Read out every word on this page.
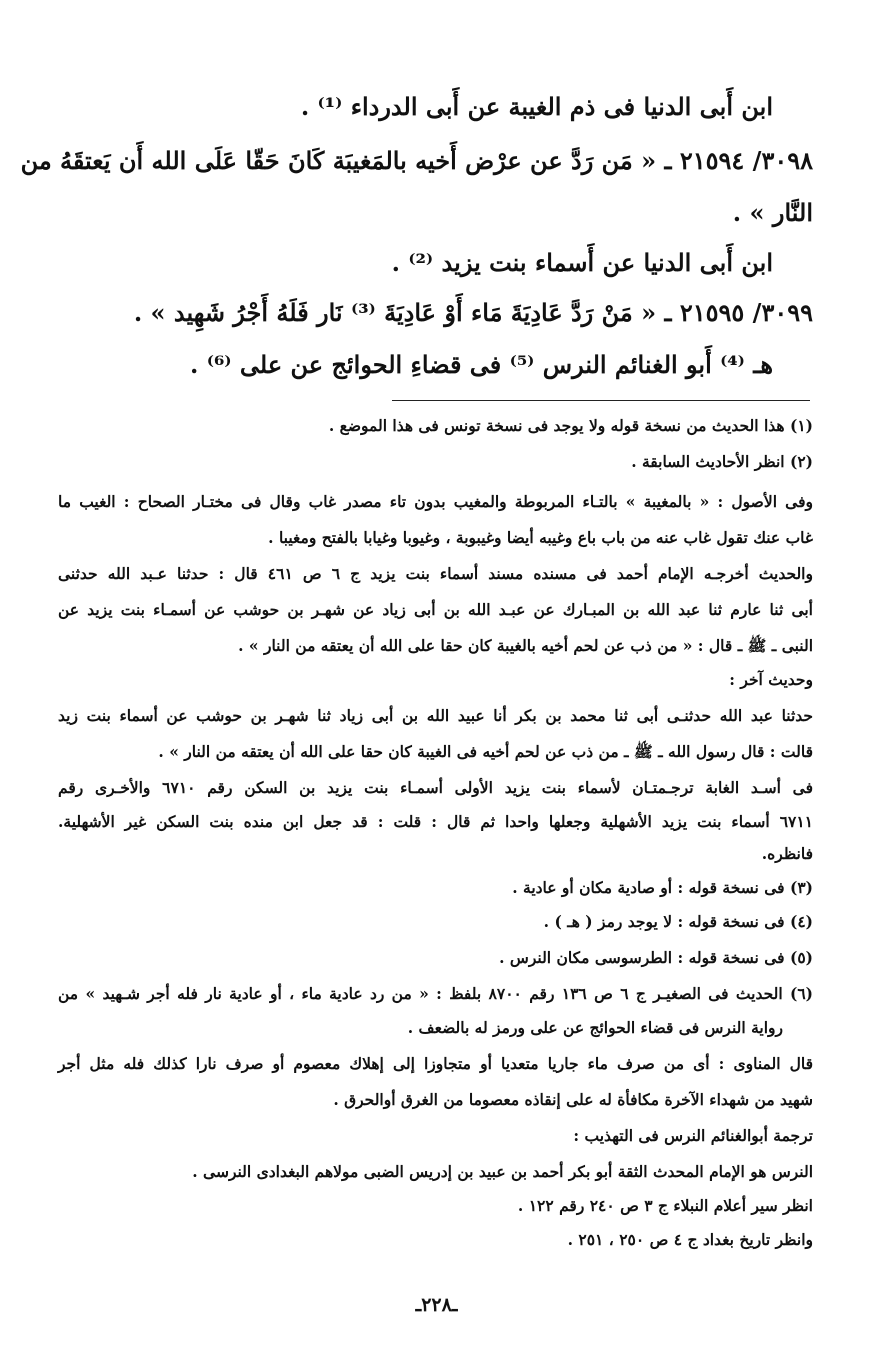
ابن أَبى الدنيا فى ذم الغيبة عن أَبى الدرداء ⁽¹⁾ .
٣٠٩٨/ ٢١٥٩٤ ـ « مَن رَدَّ عن عرْض أَخيه بالمَغيبَة كَانَ حَقّا عَلَى الله أَن يَعتقَهُ من
النَّار » .
ابن أَبى الدنيا عن أَسماء بنت يزيد ⁽²⁾ .
٣٠٩٩/ ٢١٥٩٥ ـ « مَنْ رَدَّ عَادِيَةَ مَاء أَوْ عَادِيَةَ ⁽³⁾ نَار فَلَهُ أَجْرُ شَهِيد » .
هـ ⁽⁴⁾ أَبو الغنائم النرس ⁽⁵⁾ فى قضاءِ الحوائج عن على ⁽⁶⁾ .
(١) هذا الحديث من نسخة قوله ولا يوجد فى نسخة تونس فى هذا الموضع .
(٢) انظر الأحاديث السابقة .
وفى الأصول : « بالمغيبة » بالتـاء المربوطة والمغيب بدون تاء مصدر غاب وقال فى مختـار الصحاح : الغيب ما
غاب عنك تقول غاب عنه من باب باع وغيبه أيضا وغيبوبة ، وغيوبا وغيابا بالفتح ومغيبا .
والحديث أخرجـه الإمام أحمد فى مسنده مسند أسماء بنت يزيد ج ٦ ص ٤٦١ قال : حدثنا عـبد الله حدثنى
أبى ثنا عارم ثنا عبد الله بن المبـارك عن عبـد الله بن أبى زياد عن شهـر بن حوشب عن أسمـاء بنت يزيد عن
النبى ـ ﷺ ـ قال : « من ذب عن لحم أخيه بالغيبة كان حقا على الله أن يعتقه من النار » .
وحديث آخر :
حدثنا عبد الله حدثنـى أبى ثنا محمد بن بكر أنا عبيد الله بن أبى زياد ثنا شهـر بن حوشب عن أسماء بنت زيد
قالت : قال رسول الله ـ ﷺ ـ من ذب عن لحم أخيه فى الغيبة كان حقا على الله أن يعتقه من النار » .
فى أسـد الغابة ترجـمتـان لأسماء بنت يزيد الأولى أسمـاء بنت يزيد بن السكن رقم ٦٧١٠ والأخـرى رقم
٦٧١١ أسماء بنت يزيد الأشهلية وجعلها واحدا ثم قال : قلت : قد جعل ابن منده بنت السكن غير الأشهلية.
فانظره.
(٣) فى نسخة قوله : أو صادية مكان أو عادية .
(٤) فى نسخة قوله : لا يوجد رمز ( هـ ) .
(٥) فى نسخة قوله : الطرسوسى مكان النرس .
(٦) الحديث فى الصغيـر ج ٦ ص ١٣٦ رقم ٨٧٠٠ بلفظ : « من رد عادية ماء ، أو عادية نار فله أجر شـهيد » من
رواية النرس فى قضاء الحوائج عن على ورمز له بالضعف .
قال المناوى : أى من صرف ماء جاريا متعديا أو متجاوزا إلى إهلاك معصوم أو صرف نارا كذلك فله مثل أجر
شهيد من شهداء الآخرة مكافأة له على إنقاذه معصوما من الغرق أوالحرق .
ترجمة أبوالغنائم النرس فى التهذيب :
النرس هو الإمام المحدث الثقة أبو بكر أحمد بن عبيد بن إدريس الضبى مولاهم البغدادى النرسى .
انظر سير أعلام النبلاء ج ٣ ص ٢٤٠ رقم ١٢٢ .
وانظر تاريخ بغداد ج ٤ ص ٢٥٠ ، ٢٥١ .
ـ٢٢٨ـ
